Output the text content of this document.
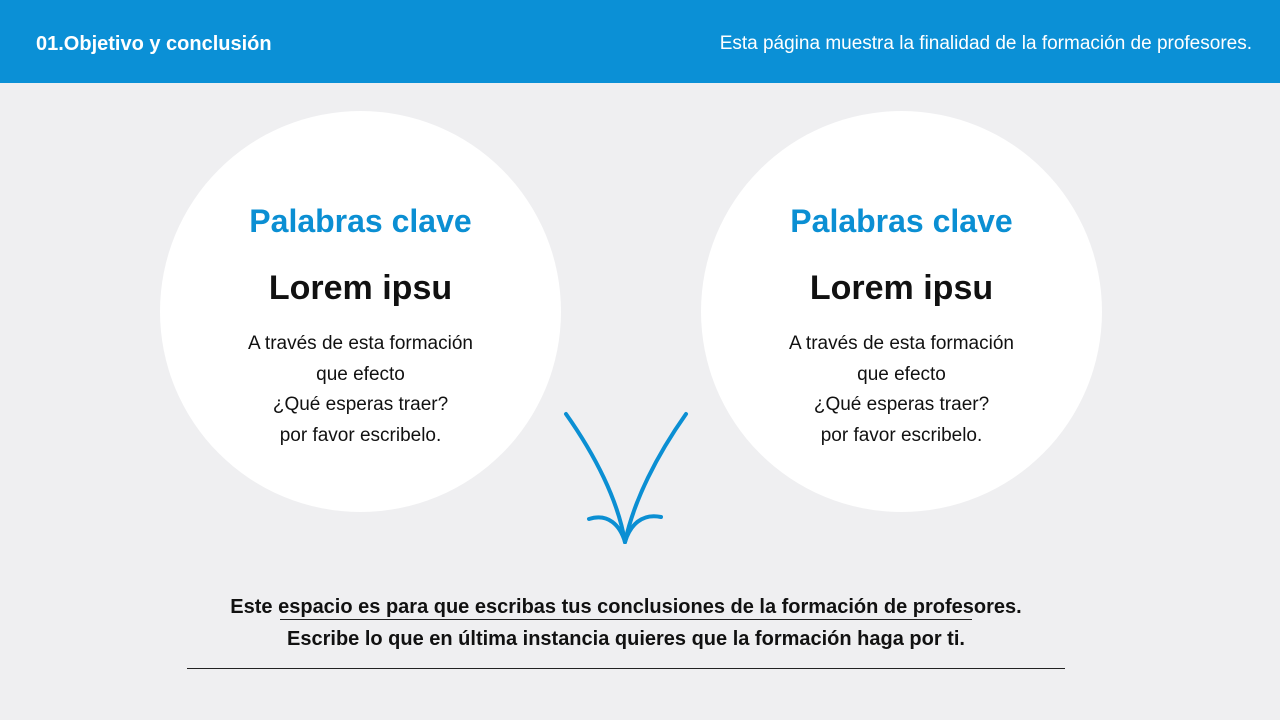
01.Objetivo y conclusión	Esta página muestra la finalidad de la formación de profesores.
Palabras clave
Lorem ipsu
A través de esta formación
que efecto
¿Qué esperas traer?
por favor escribelo.
Palabras clave
Lorem ipsu
A través de esta formación
que efecto
¿Qué esperas traer?
por favor escribelo.
Este espacio es para que escribas tus conclusiones de la formación de profesores.
Escribe lo que en última instancia quieres que la formación haga por ti.
